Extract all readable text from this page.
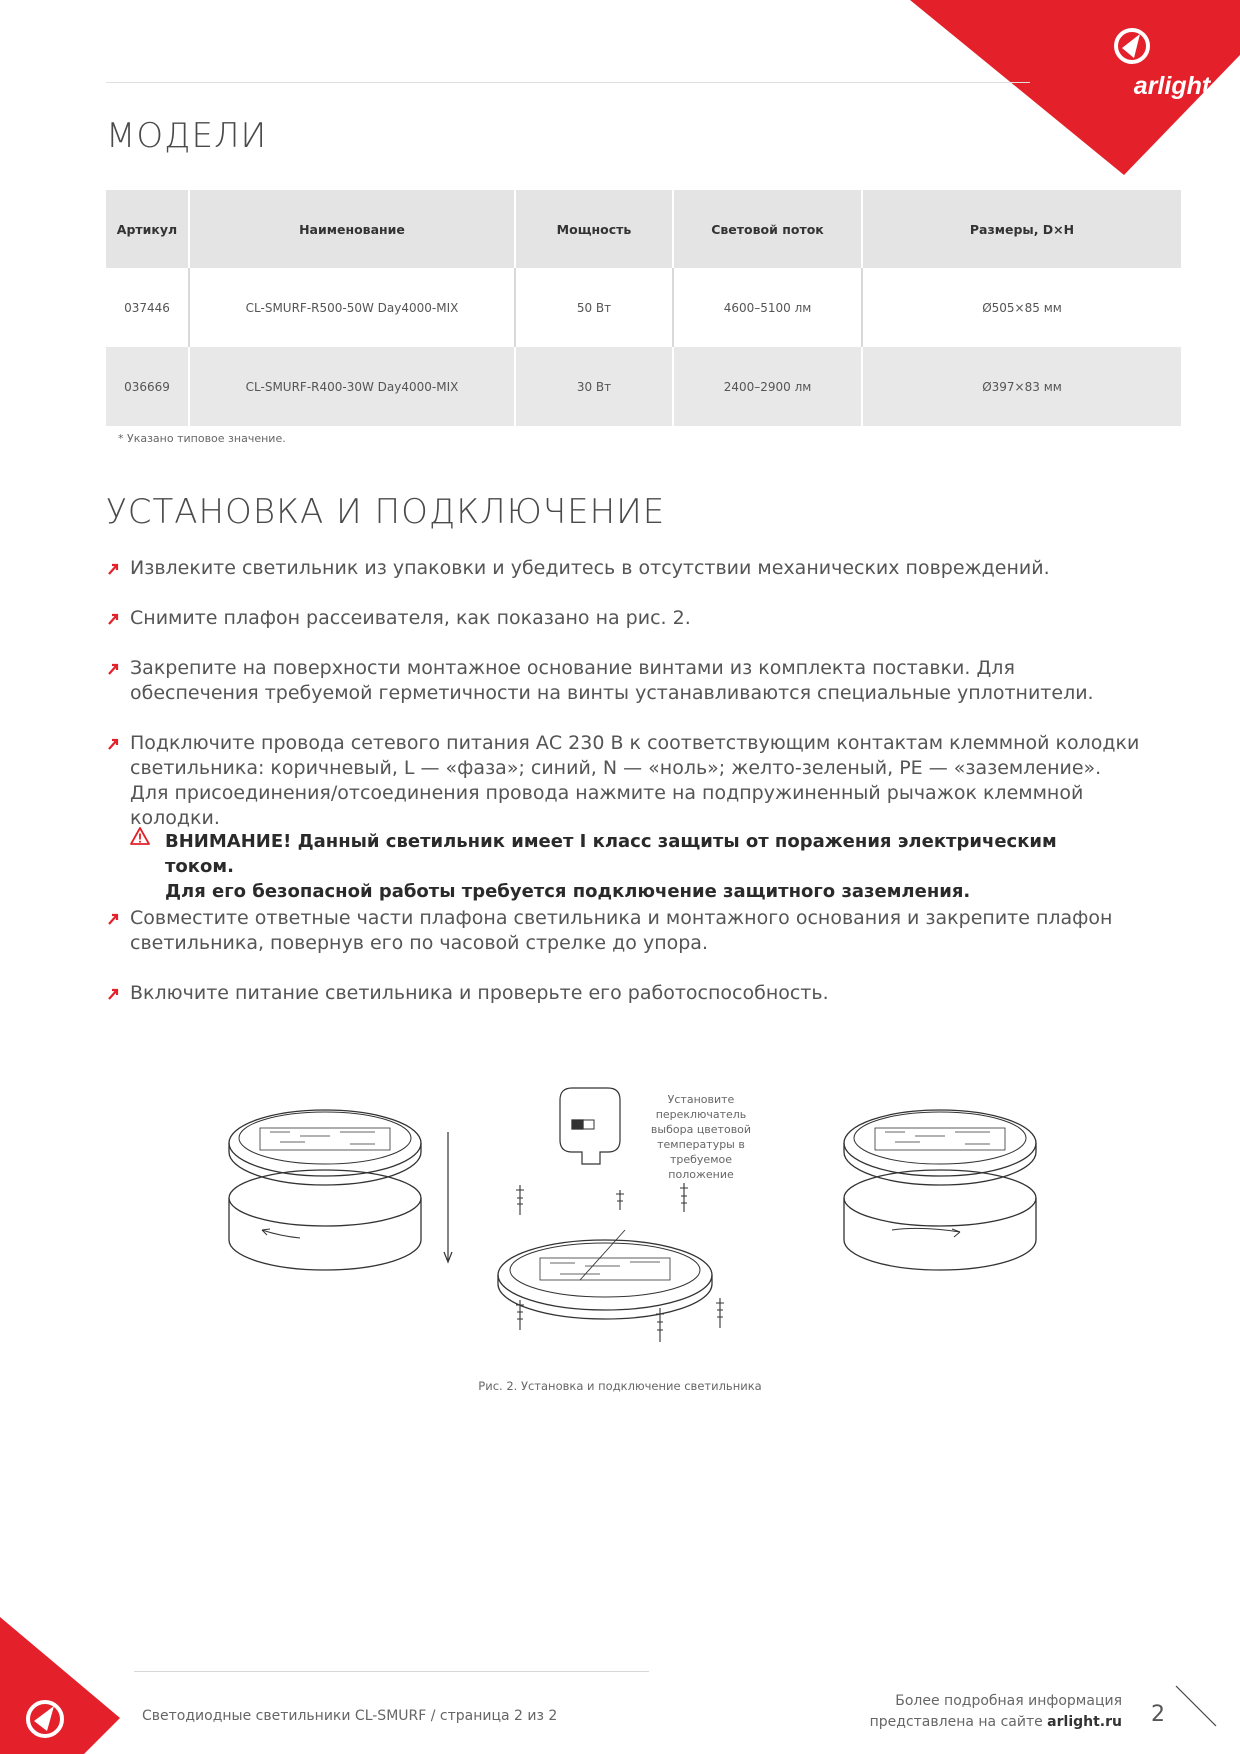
arlight
МОДЕЛИ
Артикул	Наименование	Мощность	Световой поток	Размеры, D×H
037446	CL-SMURF-R500-50W Day4000-MIX	50 Вт	4600–5100 лм	Ø505×85 мм
036669	CL-SMURF-R400-30W Day4000-MIX	30 Вт	2400–2900 лм	Ø397×83 мм
* Указано типовое значение.
УСТАНОВКА И ПОДКЛЮЧЕНИЕ
Извлеките светильник из упаковки и убедитесь в отсутствии механических повреждений.
Снимите плафон рассеивателя, как показано на рис. 2.
Закрепите на поверхности монтажное основание винтами из комплекта поставки. Для обеспечения требуемой герметичности на винты устанавливаются специальные уплотнители.
Подключите провода сетевого питания АС 230 В к соответствующим контактам клеммной колодки светильника: коричневый, L — «фаза»; синий, N — «ноль»; желто-зеленый, PE — «заземление». Для присоединения/отсоединения провода нажмите на подпружиненный рычажок клеммной колодки.
ВНИМАНИЕ! Данный светильник имеет I класс защиты от поражения электрическим током.
Для его безопасной работы требуется подключение защитного заземления.
Совместите ответные части плафона светильника и монтажного основания и закрепите плафон светильника, повернув его по часовой стрелке до упора.
Включите питание светильника и проверьте его работоспособность.
Установите переключатель выбора цветовой температуры в требуемое положение
Рис. 2. Установка и подключение светильника
Светодиодные светильники CL-SMURF / страница 2 из 2
Более подробная информация
представлена на сайте arlight.ru 2
